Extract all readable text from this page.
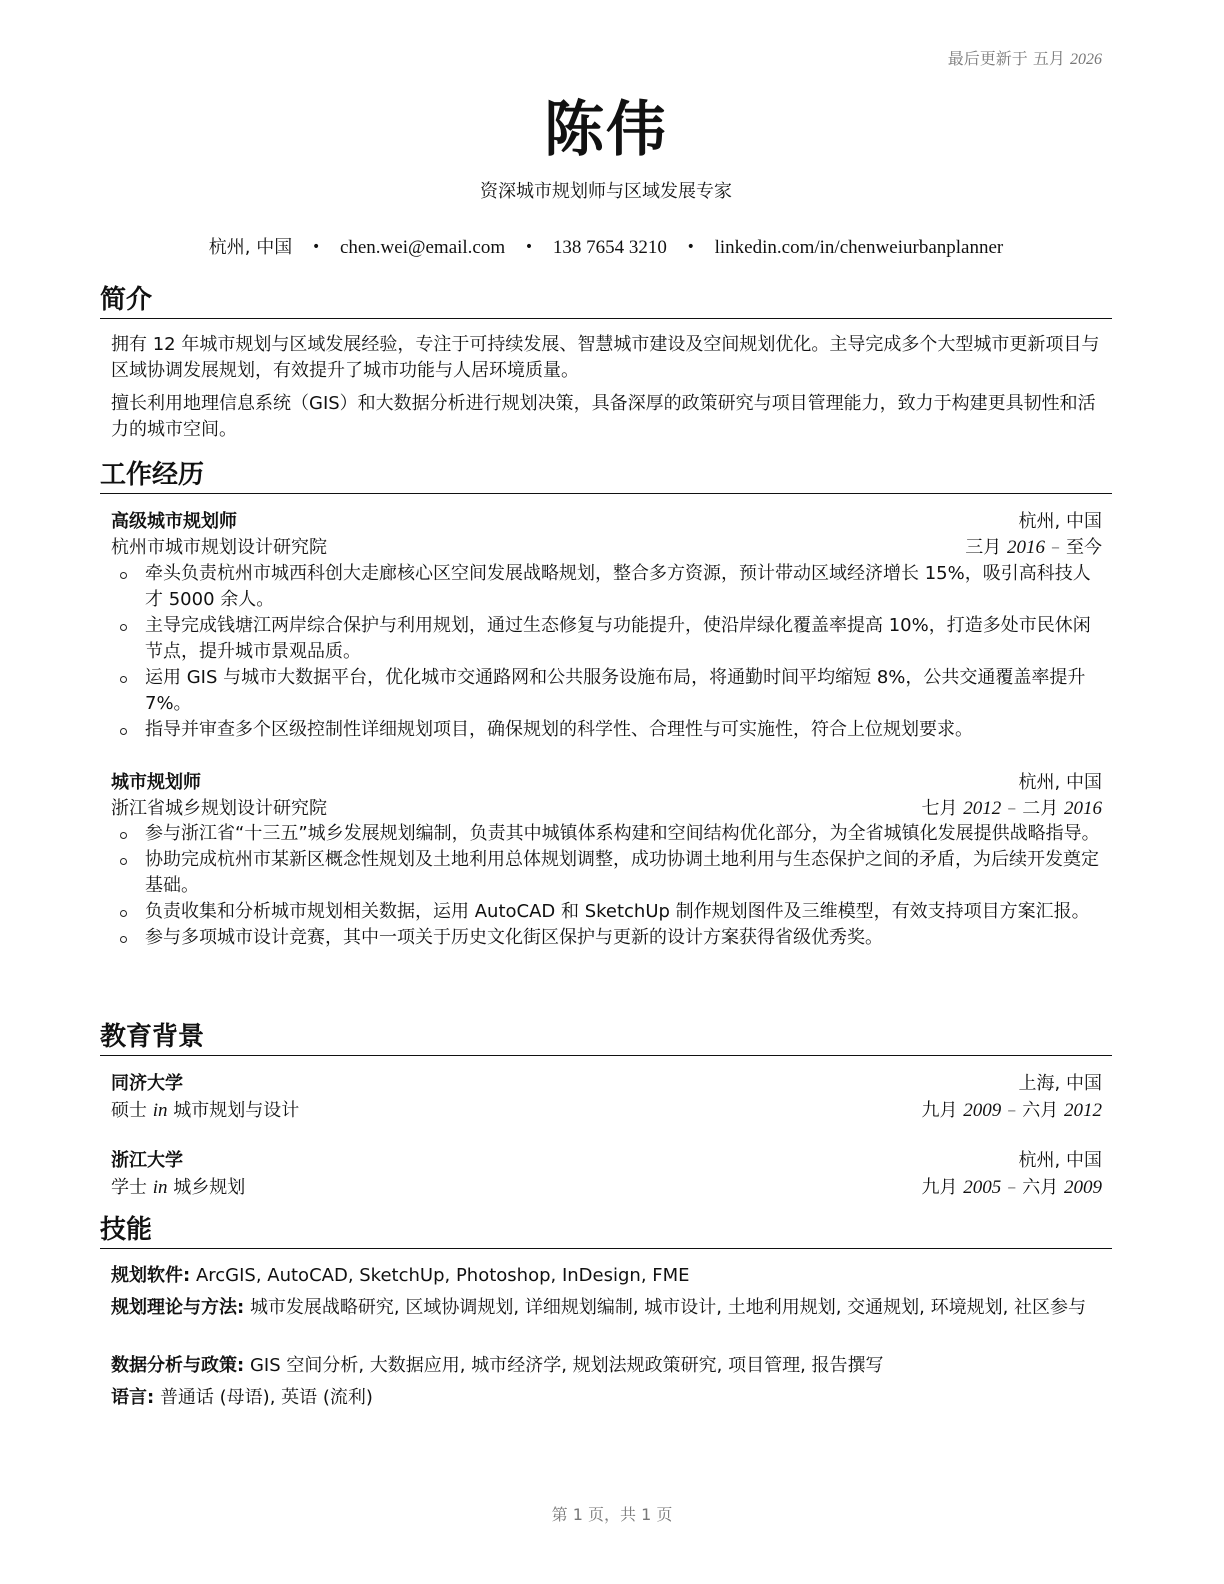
最后更新于 五月 2026
陈伟
资深城市规划师与区域发展专家
杭州, 中国 • chen.wei@email.com • 138 7654 3210 • linkedin.com/in/chenweiurbanplanner
简介
拥有 12 年城市规划与区域发展经验，专注于可持续发展、智慧城市建设及空间规划优化。主导完成多个大型城市更新项目与区域协调发展规划，有效提升了城市功能与人居环境质量。
擅长利用地理信息系统（GIS）和大数据分析进行规划决策，具备深厚的政策研究与项目管理能力，致力于构建更具韧性和活力的城市空间。
工作经历
高级城市规划师	杭州, 中国
杭州市城市规划设计研究院	三月 2016 – 至今
牵头负责杭州市城西科创大走廊核心区空间发展战略规划，整合多方资源，预计带动区域经济增长 15%，吸引高科技人才 5000 余人。
主导完成钱塘江两岸综合保护与利用规划，通过生态修复与功能提升，使沿岸绿化覆盖率提高 10%，打造多处市民休闲节点，提升城市景观品质。
运用 GIS 与城市大数据平台，优化城市交通路网和公共服务设施布局，将通勤时间平均缩短 8%，公共交通覆盖率提升 7%。
指导并审查多个区级控制性详细规划项目，确保规划的科学性、合理性与可实施性，符合上位规划要求。
城市规划师	杭州, 中国
浙江省城乡规划设计研究院	七月 2012 – 二月 2016
参与浙江省“十三五”城乡发展规划编制，负责其中城镇体系构建和空间结构优化部分，为全省城镇化发展提供战略指导。
协助完成杭州市某新区概念性规划及土地利用总体规划调整，成功协调土地利用与生态保护之间的矛盾，为后续开发奠定基础。
负责收集和分析城市规划相关数据，运用 AutoCAD 和 SketchUp 制作规划图件及三维模型，有效支持项目方案汇报。
参与多项城市设计竞赛，其中一项关于历史文化街区保护与更新的设计方案获得省级优秀奖。
教育背景
同济大学	上海, 中国
硕士 in 城市规划与设计	九月 2009 – 六月 2012
浙江大学	杭州, 中国
学士 in 城乡规划	九月 2005 – 六月 2009
技能
规划软件: ArcGIS, AutoCAD, SketchUp, Photoshop, InDesign, FME
规划理论与方法: 城市发展战略研究, 区域协调规划, 详细规划编制, 城市设计, 土地利用规划, 交通规划, 环境规划, 社区参与
数据分析与政策: GIS 空间分析, 大数据应用, 城市经济学, 规划法规政策研究, 项目管理, 报告撰写
语言: 普通话 (母语), 英语 (流利)
第 1 页，共 1 页
